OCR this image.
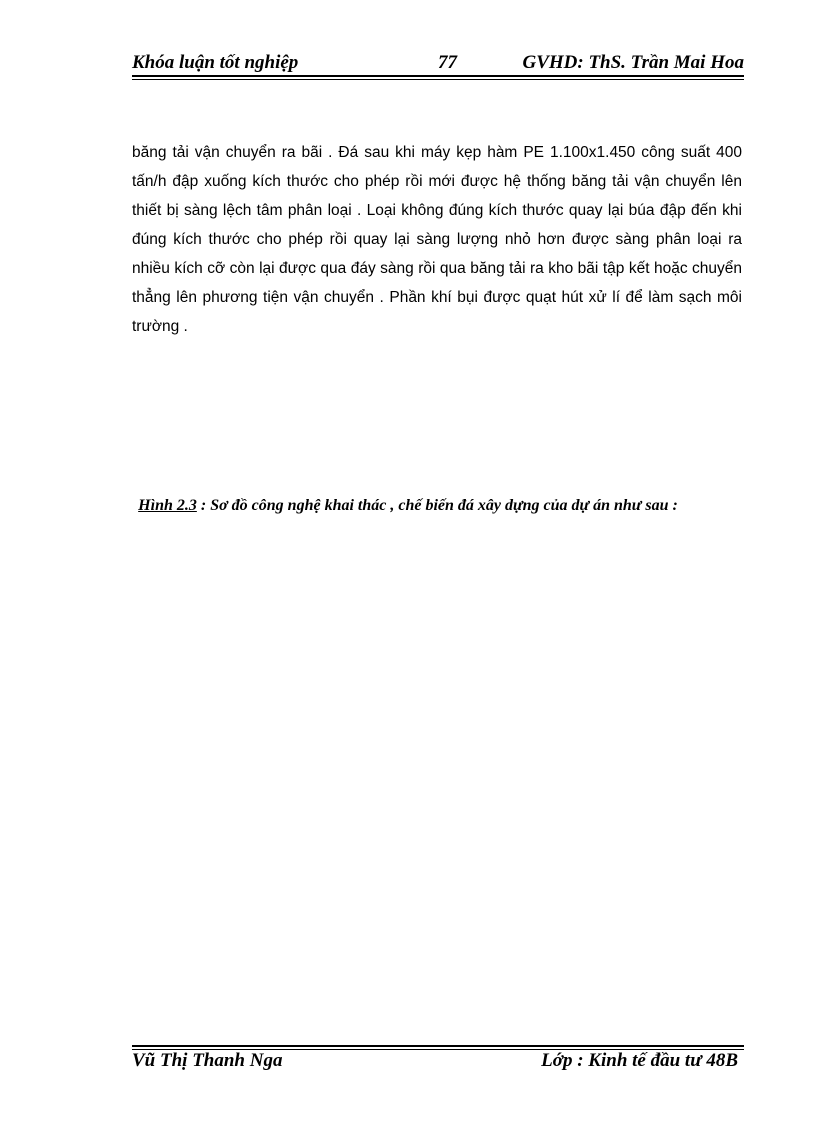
Khóa luận tốt nghiệp	77	GVHD: ThS. Trần Mai Hoa

băng tải vận chuyển ra bãi . Đá sau khi máy kẹp hàm PE 1.100x1.450 công suất 400 tấn/h đập xuống kích thước cho phép rồi mới được hệ thống băng tải vận chuyển lên thiết bị sàng lệch tâm phân loại . Loại không đúng kích thước quay lại búa đập đến khi đúng kích thước cho phép rồi quay lại sàng lượng nhỏ hơn được sàng phân loại ra nhiều kích cỡ còn lại được qua đáy sàng rồi qua băng tải ra kho bãi tập kết hoặc chuyển thẳng lên phương tiện vận chuyển . Phần khí bụi được quạt hút xử lí để làm sạch môi trường .

Hình 2.3 : Sơ đồ công nghệ khai thác , chế biến đá xây dựng của dự án như sau :
Vũ Thị Thanh Nga	Lớp : Kinh tế đầu tư 48B
